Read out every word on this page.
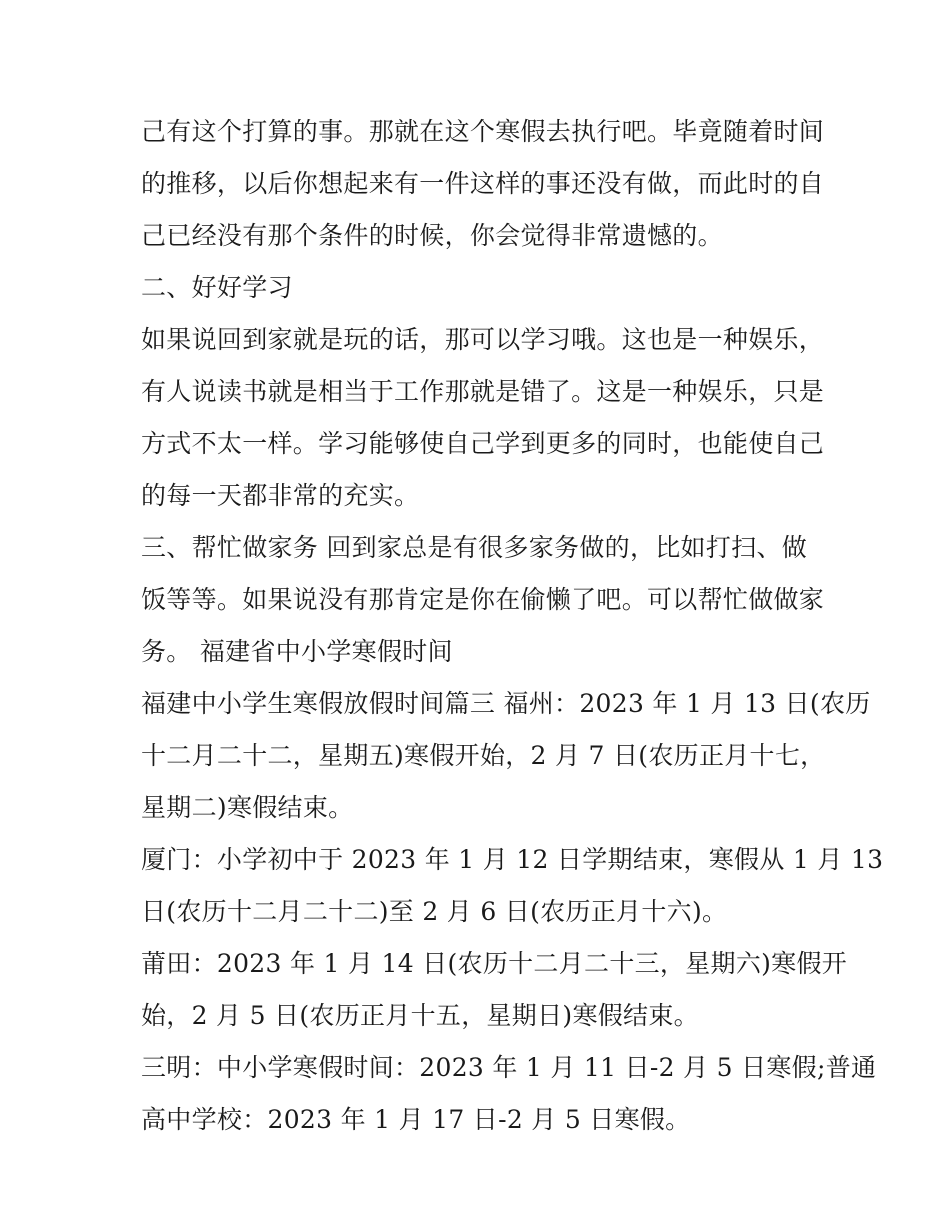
己有这个打算的事。那就在这个寒假去执行吧。毕竟随着时间
的推移，以后你想起来有一件这样的事还没有做，而此时的自
己已经没有那个条件的时候，你会觉得非常遗憾的。
二、好好学习
如果说回到家就是玩的话，那可以学习哦。这也是一种娱乐，
有人说读书就是相当于工作那就是错了。这是一种娱乐，只是
方式不太一样。学习能够使自己学到更多的同时，也能使自己
的每一天都非常的充实。
三、帮忙做家务 回到家总是有很多家务做的，比如打扫、做
饭等等。如果说没有那肯定是你在偷懒了吧。可以帮忙做做家
务。 福建省中小学寒假时间
福建中小学生寒假放假时间篇三 福州：2023 年 1 月 13 日(农历
十二月二十二，星期五)寒假开始，2 月 7 日(农历正月十七，
星期二)寒假结束。
厦门：小学初中于 2023 年 1 月 12 日学期结束，寒假从 1 月 13
日(农历十二月二十二)至 2 月 6 日(农历正月十六)。
莆田：2023 年 1 月 14 日(农历十二月二十三，星期六)寒假开
始，2 月 5 日(农历正月十五，星期日)寒假结束。
三明：中小学寒假时间：2023 年 1 月 11 日-2 月 5 日寒假;普通
高中学校：2023 年 1 月 17 日-2 月 5 日寒假。
